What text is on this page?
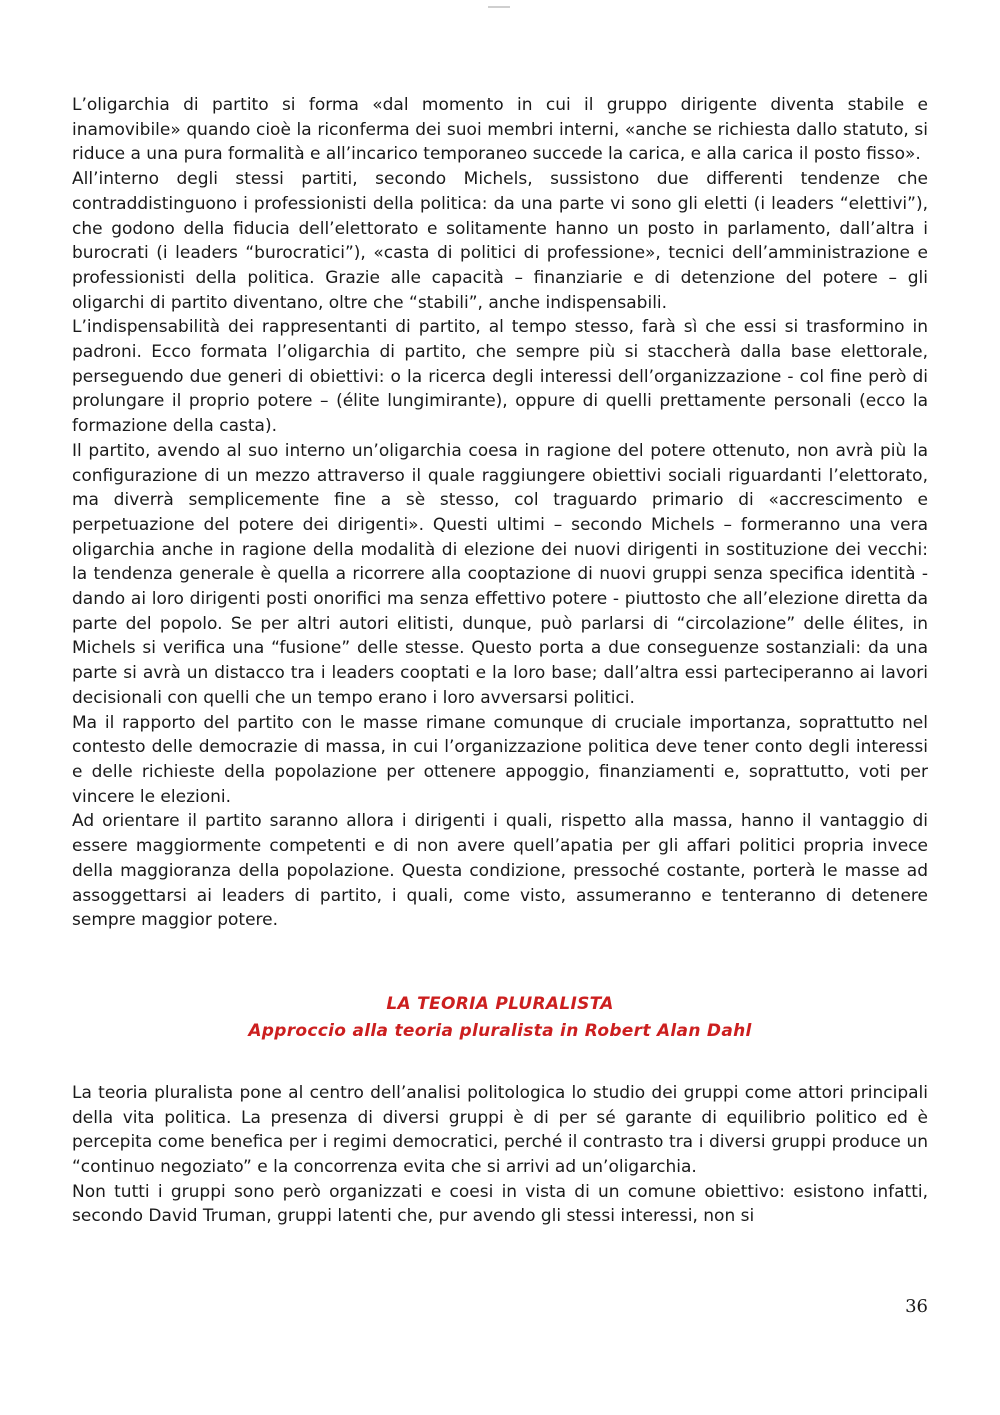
L’oligarchia di partito si forma «dal momento in cui il gruppo dirigente diventa stabile e inamovibile» quando cioè la riconferma dei suoi membri interni, «anche se richiesta dallo statuto, si riduce a una pura formalità e all’incarico temporaneo succede la carica, e alla carica il posto fisso».

All’interno degli stessi partiti, secondo Michels, sussistono due differenti tendenze che contraddistinguono i professionisti della politica: da una parte vi sono gli eletti (i leaders “elettivi”), che godono della fiducia dell’elettorato e solitamente hanno un posto in parlamento, dall’altra i burocrati (i leaders “burocratici”), «casta di politici di professione», tecnici dell’amministrazione e professionisti della politica. Grazie alle capacità – finanziarie e di detenzione del potere – gli oligarchi di partito diventano, oltre che “stabili”, anche indispensabili.

L’indispensabilità dei rappresentanti di partito, al tempo stesso, farà sì che essi si trasformino in padroni. Ecco formata l’oligarchia di partito, che sempre più si staccherà dalla base elettorale, perseguendo due generi di obiettivi: o la ricerca degli interessi dell’organizzazione - col fine però di prolungare il proprio potere – (élite lungimirante), oppure di quelli prettamente personali (ecco la formazione della casta).

Il partito, avendo al suo interno un’oligarchia coesa in ragione del potere ottenuto, non avrà più la configurazione di un mezzo attraverso il quale raggiungere obiettivi sociali riguardanti l’elettorato, ma diverrà semplicemente fine a sè stesso, col traguardo primario di «accrescimento e perpetuazione del potere dei dirigenti». Questi ultimi – secondo Michels – formeranno una vera oligarchia anche in ragione della modalità di elezione dei nuovi dirigenti in sostituzione dei vecchi: la tendenza generale è quella a ricorrere alla cooptazione di nuovi gruppi senza specifica identità - dando ai loro dirigenti posti onorifici ma senza effettivo potere - piuttosto che all’elezione diretta da parte del popolo. Se per altri autori elitisti, dunque, può parlarsi di “circolazione” delle élites, in Michels si verifica una “fusione” delle stesse. Questo porta a due conseguenze sostanziali: da una parte si avrà un distacco tra i leaders cooptati e la loro base; dall’altra essi parteciperanno ai lavori decisionali con quelli che un tempo erano i loro avversarsi politici.

Ma il rapporto del partito con le masse rimane comunque di cruciale importanza, soprattutto nel contesto delle democrazie di massa, in cui l’organizzazione politica deve tener conto degli interessi e delle richieste della popolazione per ottenere appoggio, finanziamenti e, soprattutto, voti per vincere le elezioni.

Ad orientare il partito saranno allora i dirigenti i quali, rispetto alla massa, hanno il vantaggio di essere maggiormente competenti e di non avere quell’apatia per gli affari politici propria invece della maggioranza della popolazione. Questa condizione, pressoché costante, porterà le masse ad assoggettarsi ai leaders di partito, i quali, come visto, assumeranno e tenteranno di detenere sempre maggior potere.

LA TEORIA PLURALISTA

Approccio alla teoria pluralista in Robert Alan Dahl

La teoria pluralista pone al centro dell’analisi politologica lo studio dei gruppi come attori principali della vita politica. La presenza di diversi gruppi è di per sé garante di equilibrio politico ed è percepita come benefica per i regimi democratici, perché il contrasto tra i diversi gruppi produce un “continuo negoziato” e la concorrenza evita che si arrivi ad un’oligarchia.

Non tutti i gruppi sono però organizzati e coesi in vista di un comune obiettivo: esistono infatti, secondo David Truman, gruppi latenti che, pur avendo gli stessi interessi, non si

36
